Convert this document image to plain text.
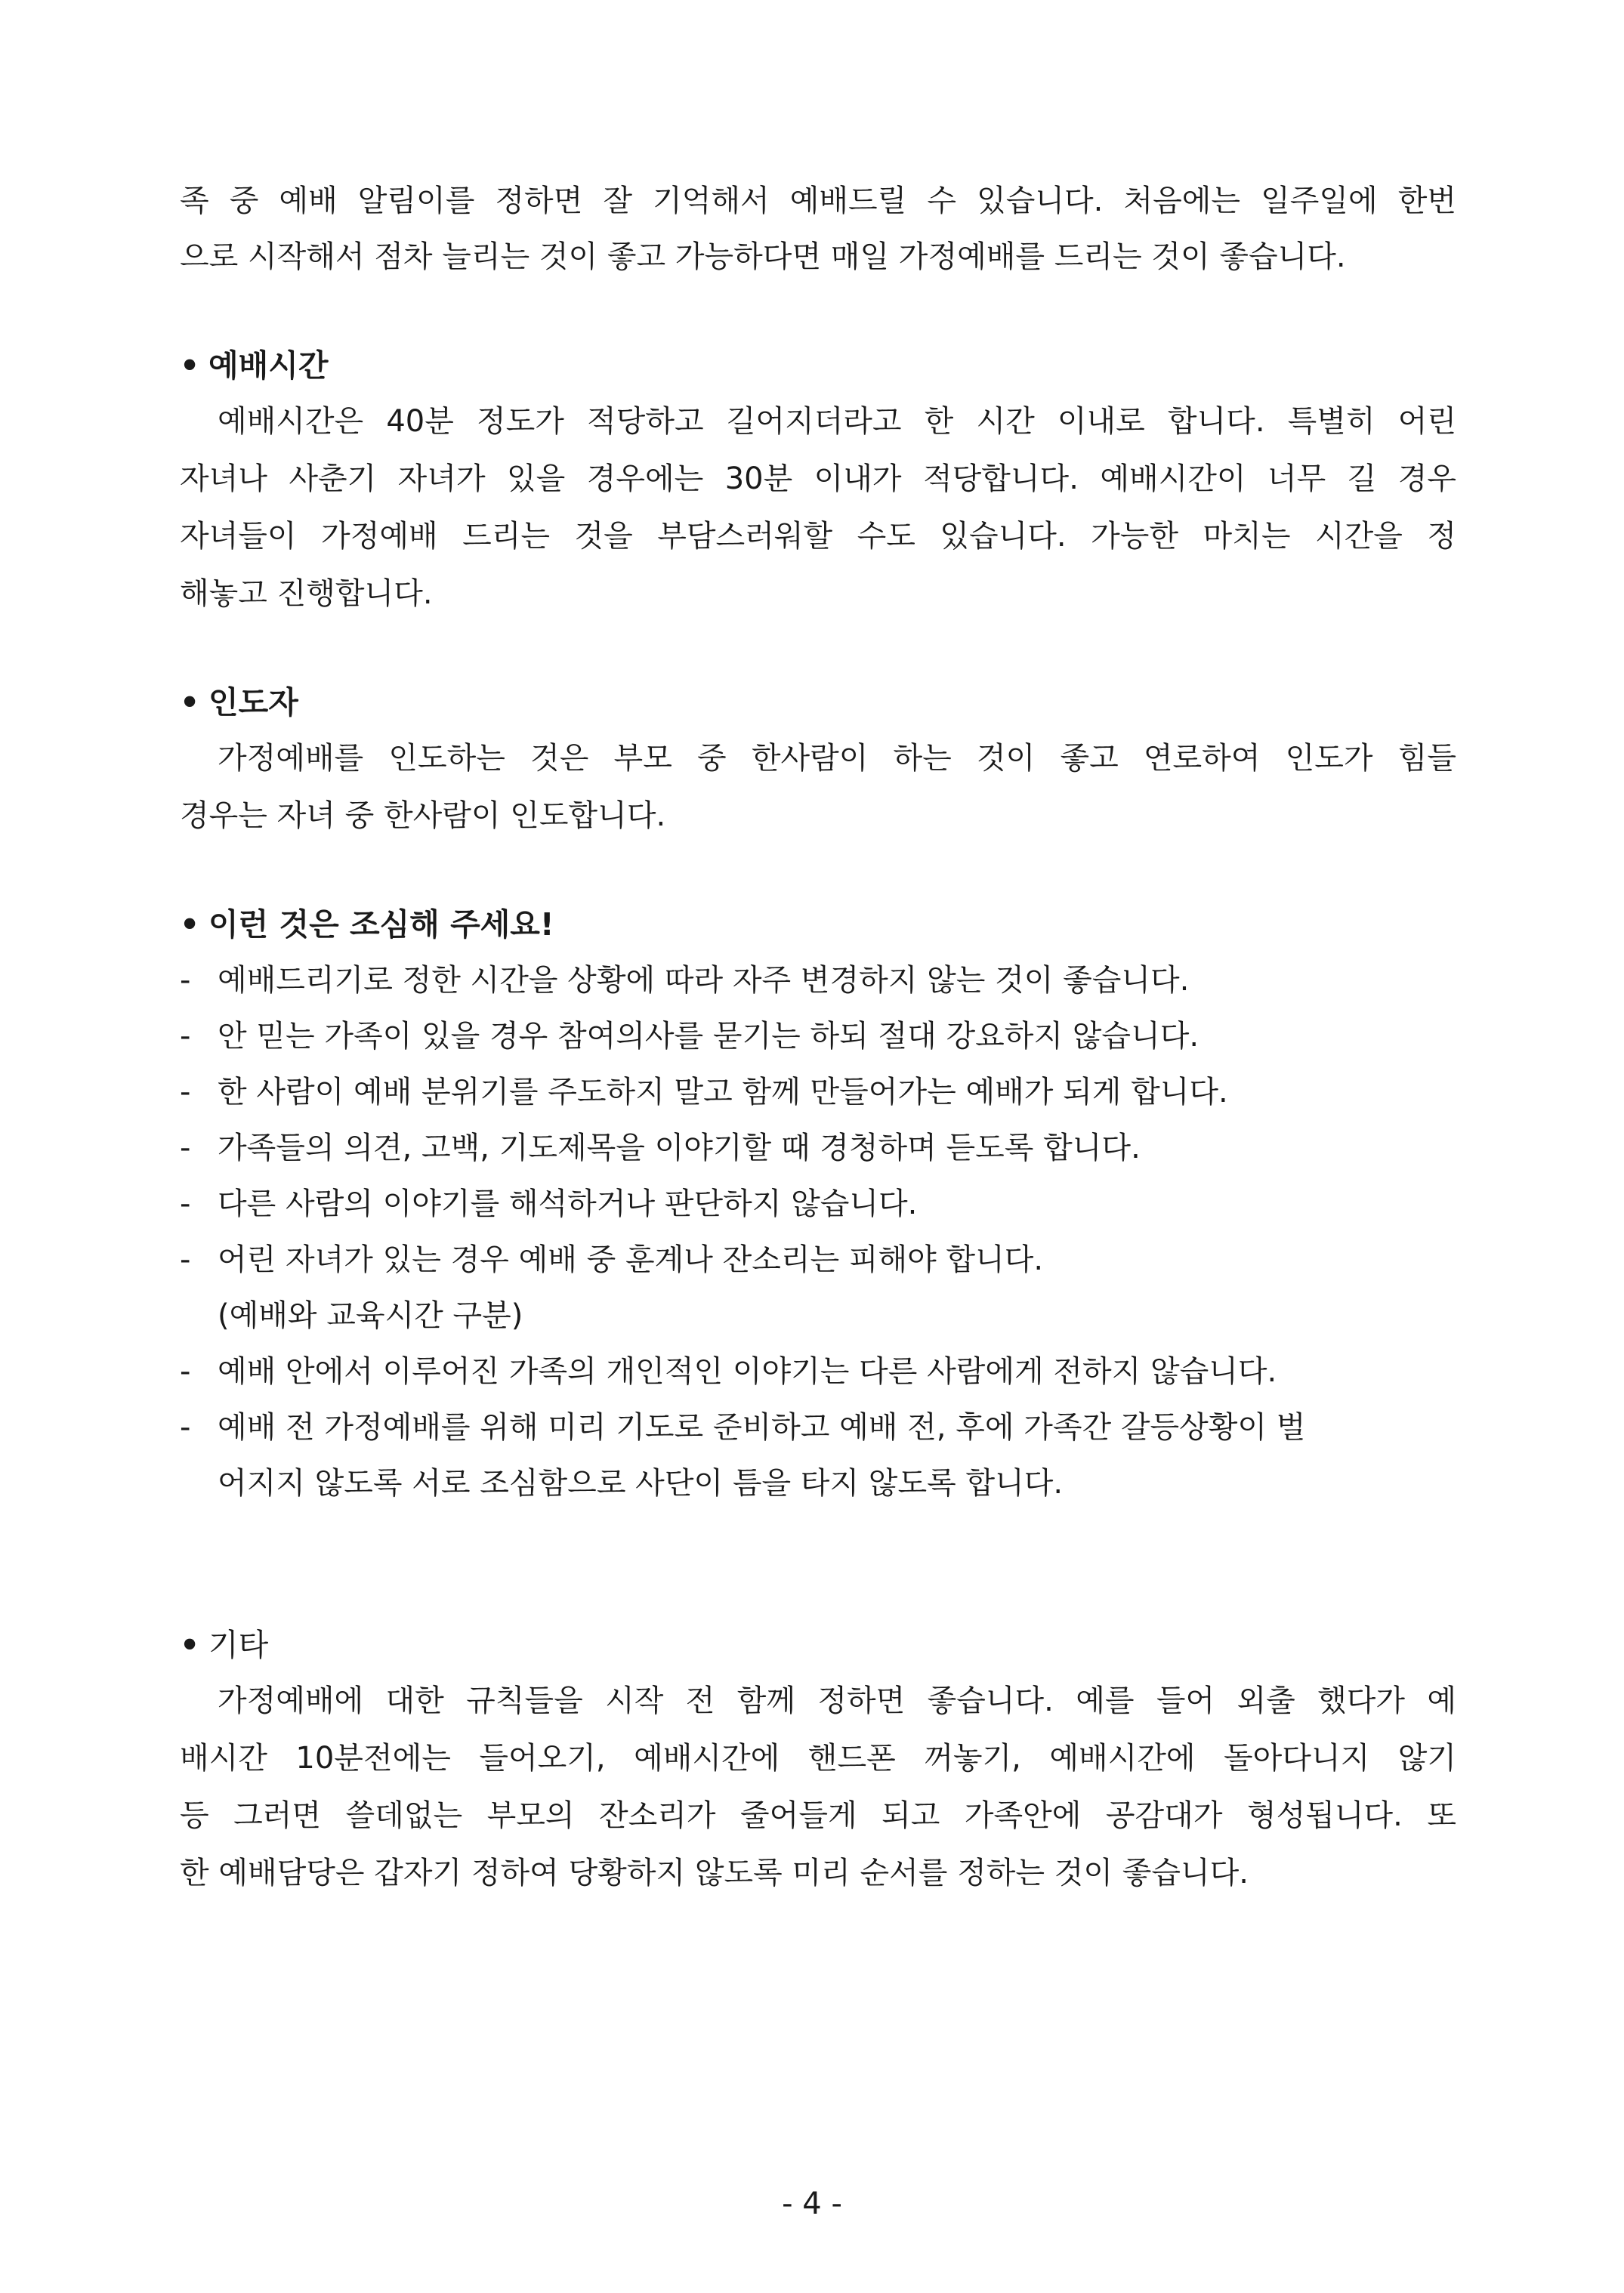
족 중 예배 알림이를 정하면 잘 기억해서 예배드릴 수 있습니다. 처음에는 일주일에 한번
으로 시작해서 점차 늘리는 것이 좋고 가능하다면 매일 가정예배를 드리는 것이 좋습니다.
• 예배시간
예배시간은 40분 정도가 적당하고 길어지더라고 한 시간 이내로 합니다. 특별히 어린
자녀나 사춘기 자녀가 있을 경우에는 30분 이내가 적당합니다. 예배시간이 너무 길 경우
자녀들이 가정예배 드리는 것을 부담스러워할 수도 있습니다. 가능한 마치는 시간을 정
해놓고 진행합니다.
• 인도자
가정예배를 인도하는 것은 부모 중 한사람이 하는 것이 좋고 연로하여 인도가 힘들
경우는 자녀 중 한사람이 인도합니다.
• 이런 것은 조심해 주세요!
- 예배드리기로 정한 시간을 상황에 따라 자주 변경하지 않는 것이 좋습니다.
- 안 믿는 가족이 있을 경우 참여의사를 묻기는 하되 절대 강요하지 않습니다.
- 한 사람이 예배 분위기를 주도하지 말고 함께 만들어가는 예배가 되게 합니다.
- 가족들의 의견, 고백, 기도제목을 이야기할 때 경청하며 듣도록 합니다.
- 다른 사람의 이야기를 해석하거나 판단하지 않습니다.
- 어린 자녀가 있는 경우 예배 중 훈계나 잔소리는 피해야 합니다.
(예배와 교육시간 구분)
- 예배 안에서 이루어진 가족의 개인적인 이야기는 다른 사람에게 전하지 않습니다.
- 예배 전 가정예배를 위해 미리 기도로 준비하고 예배 전, 후에 가족간 갈등상황이 벌
어지지 않도록 서로 조심함으로 사단이 틈을 타지 않도록 합니다.
• 기타
가정예배에 대한 규칙들을 시작 전 함께 정하면 좋습니다. 예를 들어 외출 했다가 예
배시간 10분전에는 들어오기, 예배시간에 핸드폰 꺼놓기, 예배시간에 돌아다니지 않기
등 그러면 쓸데없는 부모의 잔소리가 줄어들게 되고 가족안에 공감대가 형성됩니다. 또
한 예배담당은 갑자기 정하여 당황하지 않도록 미리 순서를 정하는 것이 좋습니다.
- 4 -
